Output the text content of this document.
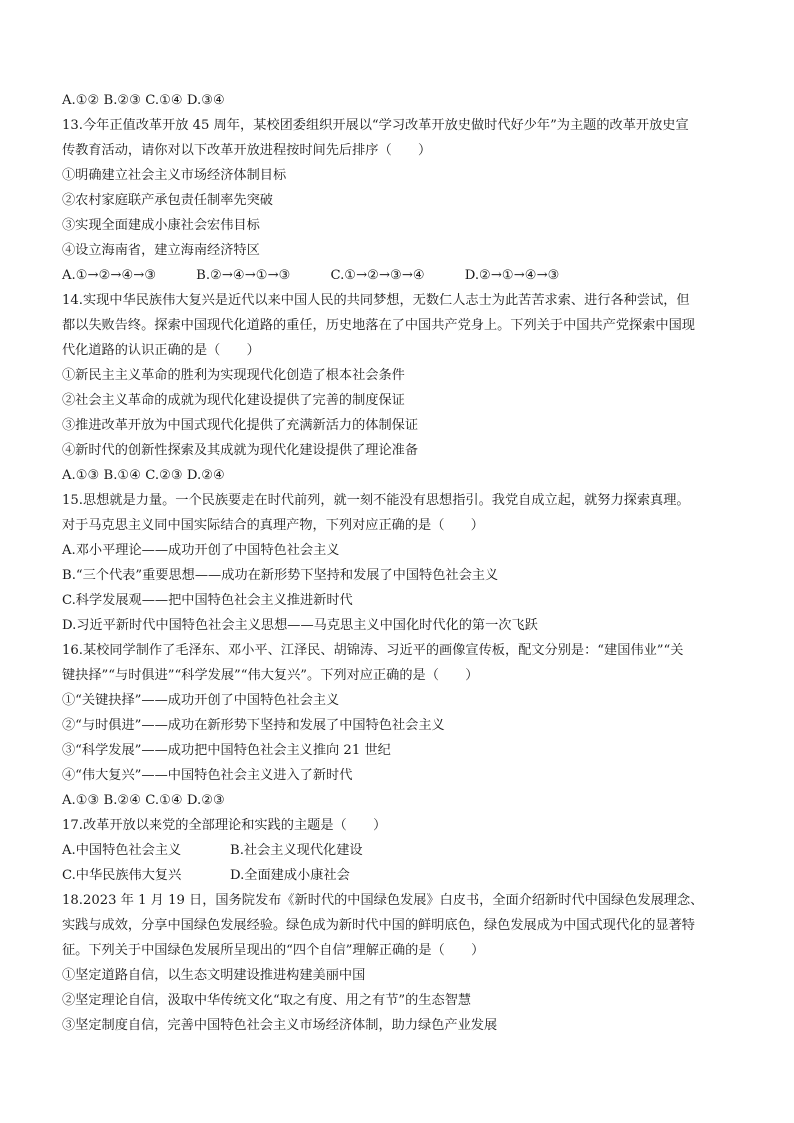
A.①② B.②③ C.①④ D.③④
13.今年正值改革开放 45 周年，某校团委组织开展以“学习改革开放史做时代好少年”为主题的改革开放史宣
传教育活动，请你对以下改革开放进程按时间先后排序（　　）
①明确建立社会主义市场经济体制目标
②农村家庭联产承包责任制率先突破
③实现全面建成小康社会宏伟目标
④设立海南省，建立海南经济特区
A.①→②→④→③	B.②→④→①→③	C.①→②→③→④	D.②→①→④→③
14.实现中华民族伟大复兴是近代以来中国人民的共同梦想，无数仁人志士为此苦苦求索、进行各种尝试，但
都以失败告终。探索中国现代化道路的重任，历史地落在了中国共产党身上。下列关于中国共产党探索中国现
代化道路的认识正确的是（　　）
①新民主主义革命的胜利为实现现代化创造了根本社会条件
②社会主义革命的成就为现代化建设提供了完善的制度保证
③推进改革开放为中国式现代化提供了充满新活力的体制保证
④新时代的创新性探索及其成就为现代化建设提供了理论准备
A.①③ B.①④ C.②③ D.②④
15.思想就是力量。一个民族要走在时代前列，就一刻不能没有思想指引。我党自成立起，就努力探索真理。
对于马克思主义同中国实际结合的真理产物，下列对应正确的是（　　）
A.邓小平理论——成功开创了中国特色社会主义
B.“三个代表”重要思想——成功在新形势下坚持和发展了中国特色社会主义
C.科学发展观——把中国特色社会主义推进新时代
D.习近平新时代中国特色社会主义思想——马克思主义中国化时代化的第一次飞跃
16.某校同学制作了毛泽东、邓小平、江泽民、胡锦涛、习近平的画像宣传板，配文分别是：“建国伟业”“关
键抉择”“与时俱进”“科学发展”“伟大复兴”。下列对应正确的是（　　）
①“关键抉择”——成功开创了中国特色社会主义
②“与时俱进”——成功在新形势下坚持和发展了中国特色社会主义
③“科学发展”——成功把中国特色社会主义推向 21 世纪
④“伟大复兴”——中国特色社会主义进入了新时代
A.①③ B.②④ C.①④ D.②③
17.改革开放以来党的全部理论和实践的主题是（　　）
A.中国特色社会主义	B.社会主义现代化建设
C.中华民族伟大复兴	D.全面建成小康社会
18.2023 年 1 月 19 日，国务院发布《新时代的中国绿色发展》白皮书，全面介绍新时代中国绿色发展理念、
实践与成效，分享中国绿色发展经验。绿色成为新时代中国的鲜明底色，绿色发展成为中国式现代化的显著特
征。下列关于中国绿色发展所呈现出的“四个自信”理解正确的是（　　）
①坚定道路自信，以生态文明建设推进构建美丽中国
②坚定理论自信，汲取中华传统文化“取之有度、用之有节”的生态智慧
③坚定制度自信，完善中国特色社会主义市场经济体制，助力绿色产业发展
